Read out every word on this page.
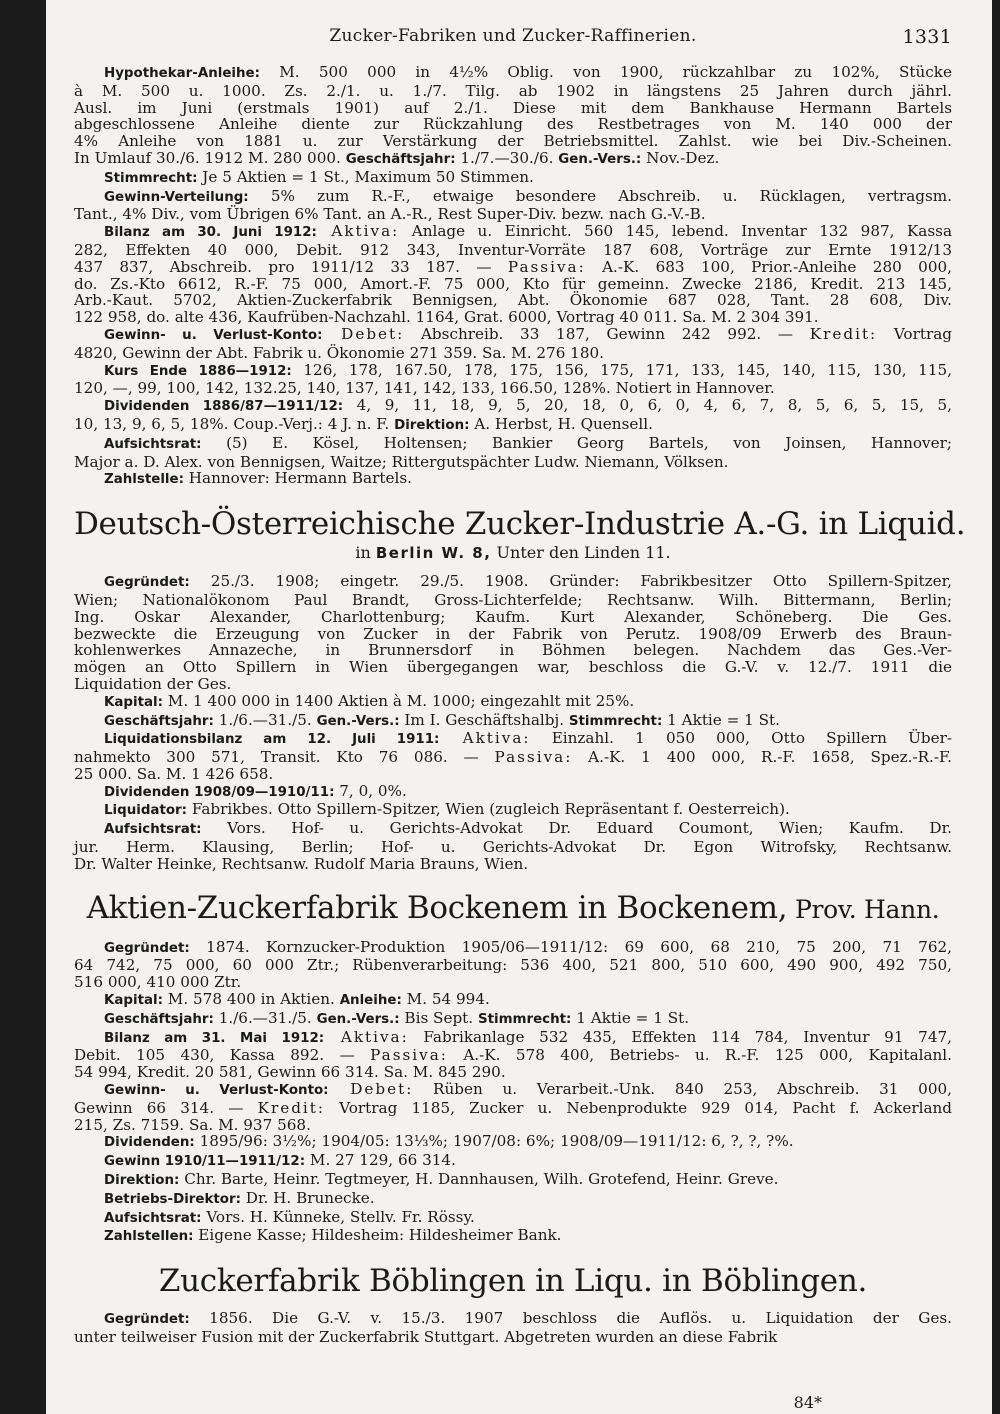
Zucker-Fabriken und Zucker-Raffinerien.	1331
Hypothekar-Anleihe: M. 500 000 in 4½% Oblig. von 1900, rückzahlbar zu 102%, Stücke
à M. 500 u. 1000. Zs. 2./1. u. 1./7. Tilg. ab 1902 in längstens 25 Jahren durch jährl.
Ausl. im Juni (erstmals 1901) auf 2./1. Diese mit dem Bankhause Hermann Bartels
abgeschlossene Anleihe diente zur Rückzahlung des Restbetrages von M. 140 000 der
4% Anleihe von 1881 u. zur Verstärkung der Betriebsmittel. Zahlst. wie bei Div.-Scheinen.
In Umlauf 30./6. 1912 M. 280 000. Geschäftsjahr: 1./7.—30./6. Gen.-Vers.: Nov.-Dez.
Stimmrecht: Je 5 Aktien = 1 St., Maximum 50 Stimmen.
Gewinn-Verteilung: 5% zum R.-F., etwaige besondere Abschreib. u. Rücklagen, vertragsm.
Tant., 4% Div., vom Übrigen 6% Tant. an A.-R., Rest Super-Div. bezw. nach G.-V.-B.
Bilanz am 30. Juni 1912: Aktiva: Anlage u. Einricht. 560 145, lebend. Inventar 132 987, Kassa
282, Effekten 40 000, Debit. 912 343, Inventur-Vorräte 187 608, Vorträge zur Ernte 1912/13
437 837, Abschreib. pro 1911/12 33 187. — Passiva: A.-K. 683 100, Prior.-Anleihe 280 000,
do. Zs.-Kto 6612, R.-F. 75 000, Amort.-F. 75 000, Kto für gemeinn. Zwecke 2186, Kredit. 213 145,
Arb.-Kaut. 5702, Aktien-Zuckerfabrik Bennigsen, Abt. Ökonomie 687 028, Tant. 28 608, Div.
122 958, do. alte 436, Kaufrüben-Nachzahl. 1164, Grat. 6000, Vortrag 40 011. Sa. M. 2 304 391.
Gewinn- u. Verlust-Konto: Debet: Abschreib. 33 187, Gewinn 242 992. — Kredit: Vortrag
4820, Gewinn der Abt. Fabrik u. Ökonomie 271 359. Sa. M. 276 180.
Kurs Ende 1886—1912: 126, 178, 167.50, 178, 175, 156, 175, 171, 133, 145, 140, 115, 130, 115,
120, —, 99, 100, 142, 132.25, 140, 137, 141, 142, 133, 166.50, 128%. Notiert in Hannover.
Dividenden 1886/87—1911/12: 4, 9, 11, 18, 9, 5, 20, 18, 0, 6, 0, 4, 6, 7, 8, 5, 6, 5, 15, 5,
10, 13, 9, 6, 5, 18%. Coup.-Verj.: 4 J. n. F. Direktion: A. Herbst, H. Quensell.
Aufsichtsrat: (5) E. Kösel, Holtensen; Bankier Georg Bartels, von Joinsen, Hannover;
Major a. D. Alex. von Bennigsen, Waitze; Rittergutspächter Ludw. Niemann, Völksen.
Zahlstelle: Hannover: Hermann Bartels.
Deutsch-Österreichische Zucker-Industrie A.-G. in Liquid.
in Berlin W. 8, Unter den Linden 11.
Gegründet: 25./3. 1908; eingetr. 29./5. 1908. Gründer: Fabrikbesitzer Otto Spillern-Spitzer,
Wien; Nationalökonom Paul Brandt, Gross-Lichterfelde; Rechtsanw. Wilh. Bittermann, Berlin;
Ing. Oskar Alexander, Charlottenburg; Kaufm. Kurt Alexander, Schöneberg. Die Ges.
bezweckte die Erzeugung von Zucker in der Fabrik von Perutz. 1908/09 Erwerb des Braun-
kohlenwerkes Annazeche, in Brunnersdorf in Böhmen belegen. Nachdem das Ges.-Ver-
mögen an Otto Spillern in Wien übergegangen war, beschloss die G.-V. v. 12./7. 1911 die
Liquidation der Ges.
Kapital: M. 1 400 000 in 1400 Aktien à M. 1000; eingezahlt mit 25%.
Geschäftsjahr: 1./6.—31./5. Gen.-Vers.: Im I. Geschäftshalbj. Stimmrecht: 1 Aktie = 1 St.
Liquidationsbilanz am 12. Juli 1911: Aktiva: Einzahl. 1 050 000, Otto Spillern Über-
nahmekto 300 571, Transit. Kto 76 086. — Passiva: A.-K. 1 400 000, R.-F. 1658, Spez.-R.-F.
25 000. Sa. M. 1 426 658.
Dividenden 1908/09—1910/11: 7, 0, 0%.
Liquidator: Fabrikbes. Otto Spillern-Spitzer, Wien (zugleich Repräsentant f. Oesterreich).
Aufsichtsrat: Vors. Hof- u. Gerichts-Advokat Dr. Eduard Coumont, Wien; Kaufm. Dr.
jur. Herm. Klausing, Berlin; Hof- u. Gerichts-Advokat Dr. Egon Witrofsky, Rechtsanw.
Dr. Walter Heinke, Rechtsanw. Rudolf Maria Brauns, Wien.
Aktien-Zuckerfabrik Bockenem in Bockenem, Prov. Hann.
Gegründet: 1874. Kornzucker-Produktion 1905/06—1911/12: 69 600, 68 210, 75 200, 71 762,
64 742, 75 000, 60 000 Ztr.; Rübenverarbeitung: 536 400, 521 800, 510 600, 490 900, 492 750,
516 000, 410 000 Ztr.
Kapital: M. 578 400 in Aktien. Anleihe: M. 54 994.
Geschäftsjahr: 1./6.—31./5. Gen.-Vers.: Bis Sept. Stimmrecht: 1 Aktie = 1 St.
Bilanz am 31. Mai 1912: Aktiva: Fabrikanlage 532 435, Effekten 114 784, Inventur 91 747,
Debit. 105 430, Kassa 892. — Passiva: A.-K. 578 400, Betriebs- u. R.-F. 125 000, Kapitalanl.
54 994, Kredit. 20 581, Gewinn 66 314. Sa. M. 845 290.
Gewinn- u. Verlust-Konto: Debet: Rüben u. Verarbeit.-Unk. 840 253, Abschreib. 31 000,
Gewinn 66 314. — Kredit: Vortrag 1185, Zucker u. Nebenprodukte 929 014, Pacht f. Ackerland
215, Zs. 7159. Sa. M. 937 568.
Dividenden: 1895/96: 3½%; 1904/05: 13⅓%; 1907/08: 6%; 1908/09—1911/12: 6, ?, ?, ?%.
Gewinn 1910/11—1911/12: M. 27 129, 66 314.
Direktion: Chr. Barte, Heinr. Tegtmeyer, H. Dannhausen, Wilh. Grotefend, Heinr. Greve.
Betriebs-Direktor: Dr. H. Brunecke.
Aufsichtsrat: Vors. H. Künneke, Stellv. Fr. Rössy.
Zahlstellen: Eigene Kasse; Hildesheim: Hildesheimer Bank.
Zuckerfabrik Böblingen in Liqu. in Böblingen.
Gegründet: 1856. Die G.-V. v. 15./3. 1907 beschloss die Auflös. u. Liquidation der Ges.
unter teilweiser Fusion mit der Zuckerfabrik Stuttgart. Abgetreten wurden an diese Fabrik
84*
